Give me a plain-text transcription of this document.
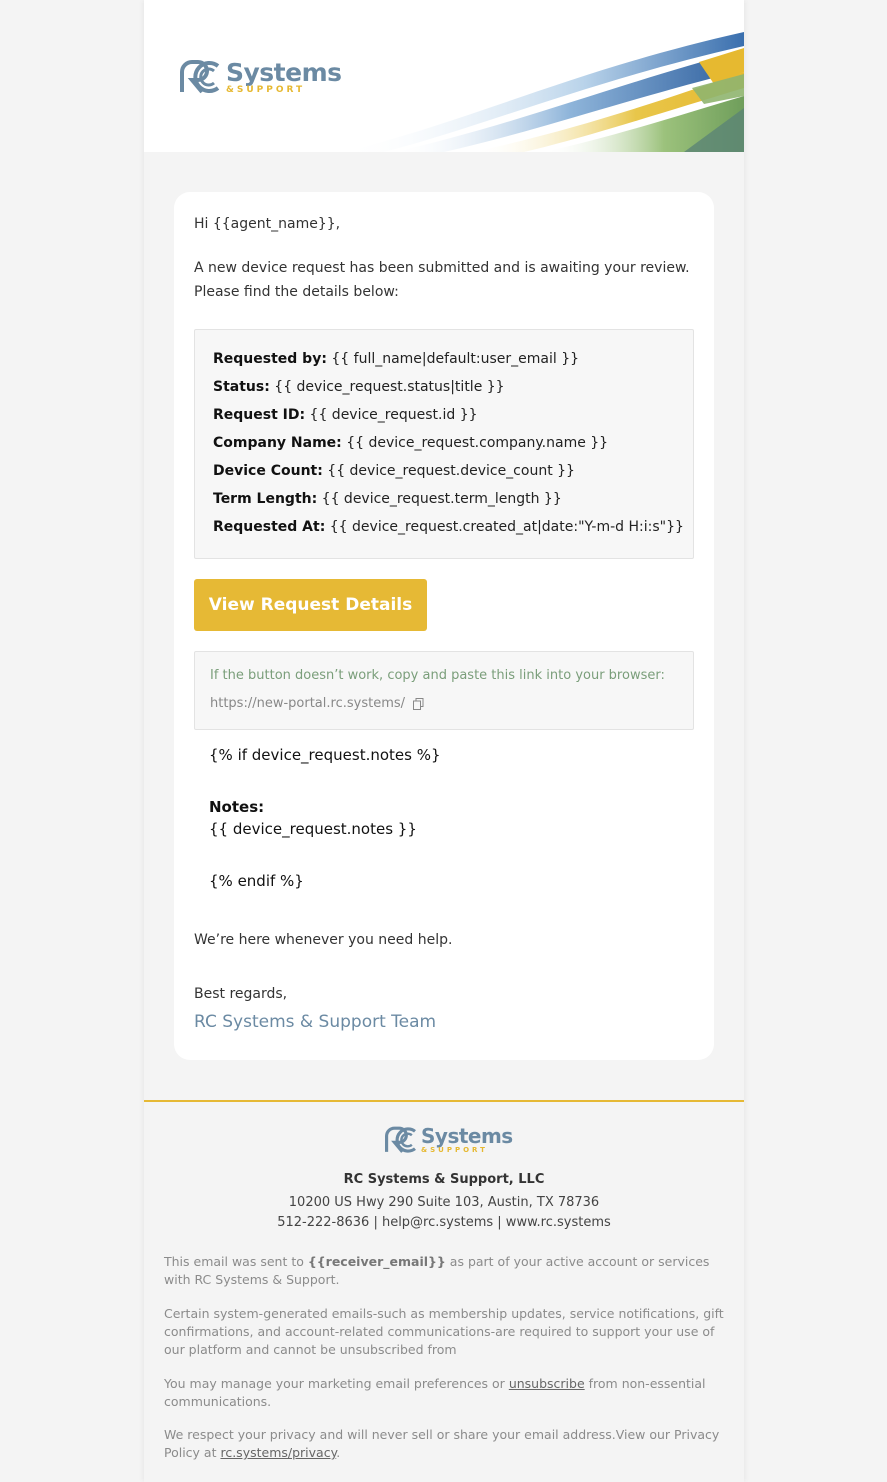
Systems
&SUPPORT

Hi {{agent_name}},

A new device request has been submitted and is awaiting your review.

Please find the details below:

Requested by: {{ full_name|default:user_email }}
Status: {{ device_request.status|title }}
Request ID: {{ device_request.id }}
Company Name: {{ device_request.company.name }}
Device Count: {{ device_request.device_count }}
Term Length: {{ device_request.term_length }}
Requested At: {{ device_request.created_at|date:"Y-m-d H:i:s"}}
View Request Details
If the button doesn’t work, copy and paste this link into your browser:
https://new-portal.rc.systems/
{% if device_request.notes %}
Notes:
{{ device_request.notes }}
{% endif %}

We’re here whenever you need help.

Best regards,

RC Systems & Support Team
Systems
&SUPPORT
RC Systems & Support, LLC
10200 US Hwy 290 Suite 103, Austin, TX 78736
512-222-8636 | help@rc.systems | www.rc.systems

This email was sent to {{receiver_email}} as part of your active account or services with RC Systems & Support.

Certain system-generated emails-such as membership updates, service notifications, gift confirmations, and account-related communications-are required to support your use of our platform and cannot be unsubscribed from

You may manage your marketing email preferences or unsubscribe from non-essential communications.

We respect your privacy and will never sell or share your email address.View our Privacy Policy at rc.systems/privacy.
